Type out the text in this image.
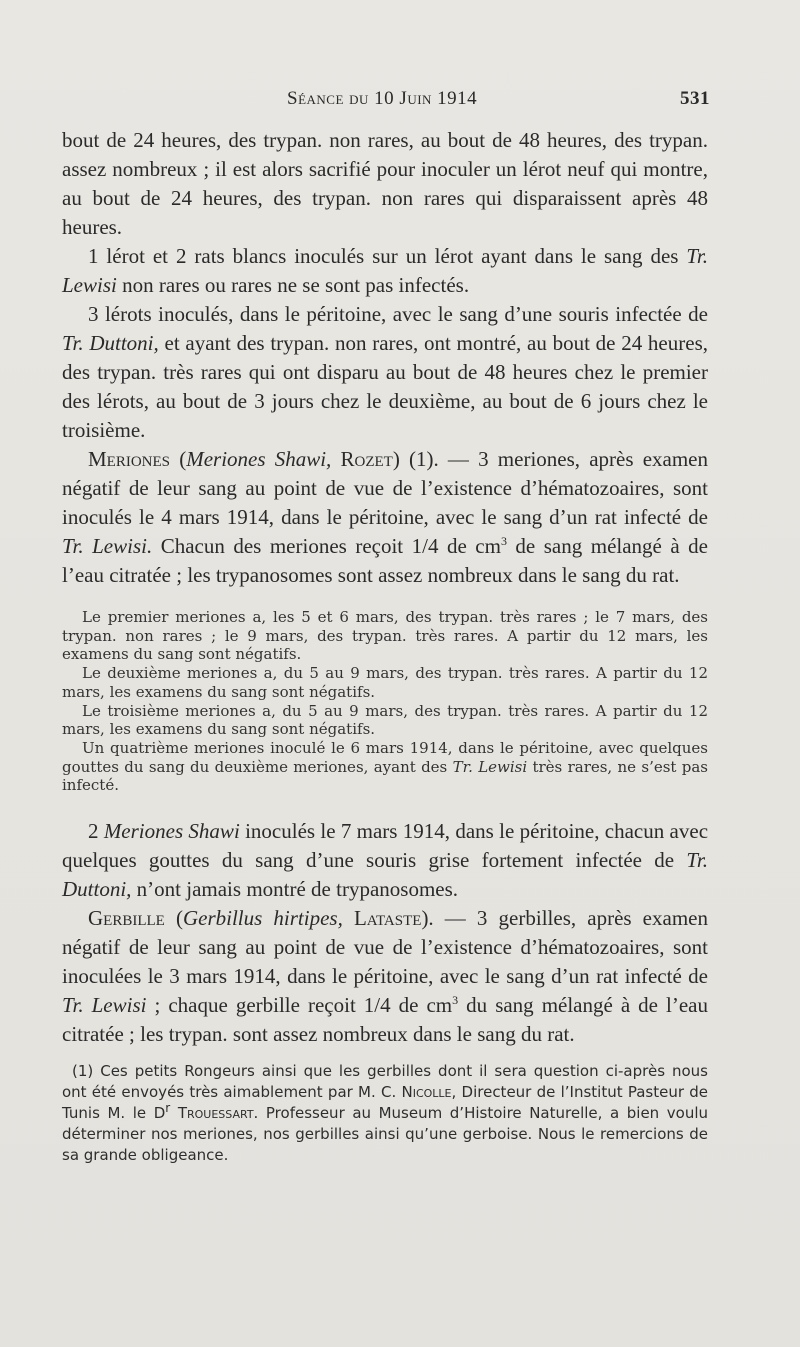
Séance du 10 Juin 1914	531

bout de 24 heures, des trypan. non rares, au bout de 48 heures, des trypan. assez nombreux ; il est alors sacrifié pour inoculer un lérot neuf qui montre, au bout de 24 heures, des trypan. non rares qui disparaissent après 48 heures.

1 lérot et 2 rats blancs inoculés sur un lérot ayant dans le sang des Tr. Lewisi non rares ou rares ne se sont pas infectés.

3 lérots inoculés, dans le péritoine, avec le sang d’une souris infectée de Tr. Duttoni, et ayant des trypan. non rares, ont montré, au bout de 24 heures, des trypan. très rares qui ont disparu au bout de 48 heures chez le premier des lérots, au bout de 3 jours chez le deuxième, au bout de 6 jours chez le troisième.

Meriones (Meriones Shawi, Rozet) (1). — 3 meriones, après examen négatif de leur sang au point de vue de l’existence d’hématozoaires, sont inoculés le 4 mars 1914, dans le péritoine, avec le sang d’un rat infecté de Tr. Lewisi. Chacun des meriones reçoit 1/4 de $cm^3$ de sang mélangé à de l’eau citratée ; les trypanosomes sont assez nombreux dans le sang du rat.

Le premier meriones a, les 5 et 6 mars, des trypan. très rares ; le 7 mars, des trypan. non rares ; le 9 mars, des trypan. très rares. A partir du 12 mars, les examens du sang sont négatifs.

Le deuxième meriones a, du 5 au 9 mars, des trypan. très rares. A partir du 12 mars, les examens du sang sont négatifs.

Le troisième meriones a, du 5 au 9 mars, des trypan. très rares. A partir du 12 mars, les examens du sang sont négatifs.

Un quatrième meriones inoculé le 6 mars 1914, dans le péritoine, avec quelques gouttes du sang du deuxième meriones, ayant des Tr. Lewisi très rares, ne s’est pas infecté.

2 Meriones Shawi inoculés le 7 mars 1914, dans le péritoine, chacun avec quelques gouttes du sang d’une souris grise fortement infectée de Tr. Duttoni, n’ont jamais montré de trypanosomes.

Gerbille (Gerbillus hirtipes, Lataste). — 3 gerbilles, après examen négatif de leur sang au point de vue de l’existence d’hématozoaires, sont inoculées le 3 mars 1914, dans le péritoine, avec le sang d’un rat infecté de Tr. Lewisi ; chaque gerbille reçoit 1/4 de $cm^3$ du sang mélangé à de l’eau citratée ; les trypan. sont assez nombreux dans le sang du rat.

(1) Ces petits Rongeurs ainsi que les gerbilles dont il sera question ci-après nous ont été envoyés très aimablement par M. C. Nicolle, Directeur de l’Institut Pasteur de Tunis M. le $D^r$ Trouessart. Professeur au Museum d’Histoire Naturelle, a bien voulu déterminer nos meriones, nos gerbilles ainsi qu’une gerboise. Nous le remercions de sa grande obligeance.
